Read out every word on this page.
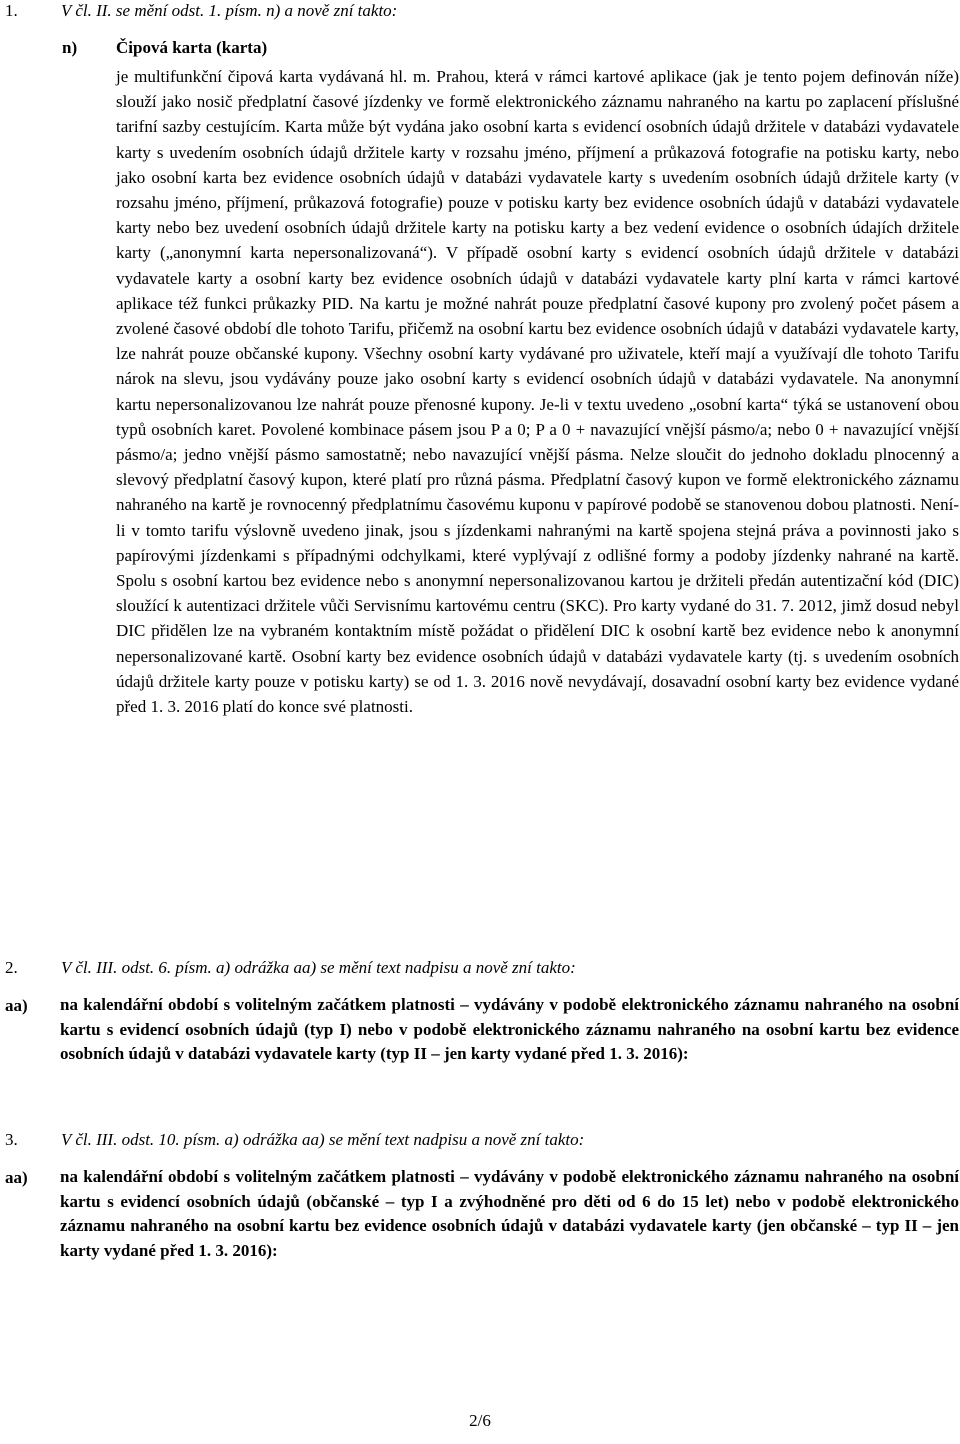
1.	V čl. II. se mění odst. 1. písm. n) a nově zní takto:
n) Čipová karta (karta)

je multifunkční čipová karta vydávaná hl. m. Prahou, která v rámci kartové aplikace (jak je tento pojem definován níže) slouží jako nosič předplatní časové jízdenky ve formě elektronického záznamu nahraného na kartu po zaplacení příslušné tarifní sazby cestujícím. Karta může být vydána jako osobní karta s evidencí osobních údajů držitele v databázi vydavatele karty s uvedením osobních údajů držitele karty v rozsahu jméno, příjmení a průkazová fotografie na potisku karty, nebo jako osobní karta bez evidence osobních údajů v databázi vydavatele karty s uvedením osobních údajů držitele karty (v rozsahu jméno, příjmení, průkazová fotografie) pouze v potisku karty bez evidence osobních údajů v databázi vydavatele karty nebo bez uvedení osobních údajů držitele karty na potisku karty a bez vedení evidence o osobních údajích držitele karty („anonymní karta nepersonalizovaná“). V případě osobní karty s evidencí osobních údajů držitele v databázi vydavatele karty a osobní karty bez evidence osobních údajů v databázi vydavatele karty plní karta v rámci kartové aplikace též funkci průkazky PID. Na kartu je možné nahrát pouze předplatní časové kupony pro zvolený počet pásem a zvolené časové období dle tohoto Tarifu, přičemž na osobní kartu bez evidence osobních údajů v databázi vydavatele karty, lze nahrát pouze občanské kupony. Všechny osobní karty vydávané pro uživatele, kteří mají a využívají dle tohoto Tarifu nárok na slevu, jsou vydávány pouze jako osobní karty s evidencí osobních údajů v databázi vydavatele. Na anonymní kartu nepersonalizovanou lze nahrát pouze přenosné kupony. Je-li v textu uvedeno „osobní karta“ týká se ustanovení obou typů osobních karet. Povolené kombinace pásem jsou P a 0; P a 0 + navazující vnější pásmo/a; nebo 0 + navazující vnější pásmo/a; jedno vnější pásmo samostatně; nebo navazující vnější pásma. Nelze sloučit do jednoho dokladu plnocenný a slevový předplatní časový kupon, které platí pro různá pásma. Předplatní časový kupon ve formě elektronického záznamu nahraného na kartě je rovnocenný předplatnímu časovému kuponu v papírové podobě se stanovenou dobou platnosti. Není-li v tomto tarifu výslovně uvedeno jinak, jsou s jízdenkami nahranými na kartě spojena stejná práva a povinnosti jako s papírovými jízdenkami s případnými odchylkami, které vyplývají z odlišné formy a podoby jízdenky nahrané na kartě. Spolu s osobní kartou bez evidence nebo s anonymní nepersonalizovanou kartou je držiteli předán autentizační kód (DIC) sloužící k autentizaci držitele vůči Servisnímu kartovému centru (SKC). Pro karty vydané do 31. 7. 2012, jimž dosud nebyl DIC přidělen lze na vybraném kontaktním místě požádat o přidělení DIC k osobní kartě bez evidence nebo k anonymní nepersonalizované kartě. Osobní karty bez evidence osobních údajů v databázi vydavatele karty (tj. s uvedením osobních údajů držitele karty pouze v potisku karty) se od 1. 3. 2016 nově nevydávají, dosavadní osobní karty bez evidence vydané před 1. 3. 2016 platí do konce své platnosti.

2.	V čl. III. odst. 6. písm. a) odrážka aa) se mění text nadpisu a nově zní takto:
aa) na kalendářní období s volitelným začátkem platnosti – vydávány v podobě elektronického záznamu nahraného na osobní kartu s evidencí osobních údajů (typ I) nebo v podobě elektronického záznamu nahraného na osobní kartu bez evidence osobních údajů v databázi vydavatele karty (typ II – jen karty vydané před 1. 3. 2016):

3.	V čl. III. odst. 10. písm. a) odrážka aa) se mění text nadpisu a nově zní takto:
aa) na kalendářní období s volitelným začátkem platnosti – vydávány v podobě elektronického záznamu nahraného na osobní kartu s evidencí osobních údajů (občanské – typ I a zvýhodněné pro děti od 6 do 15 let) nebo v podobě elektronického záznamu nahraného na osobní kartu bez evidence osobních údajů v databázi vydavatele karty (jen občanské – typ II – jen karty vydané před 1. 3. 2016):

2/6
